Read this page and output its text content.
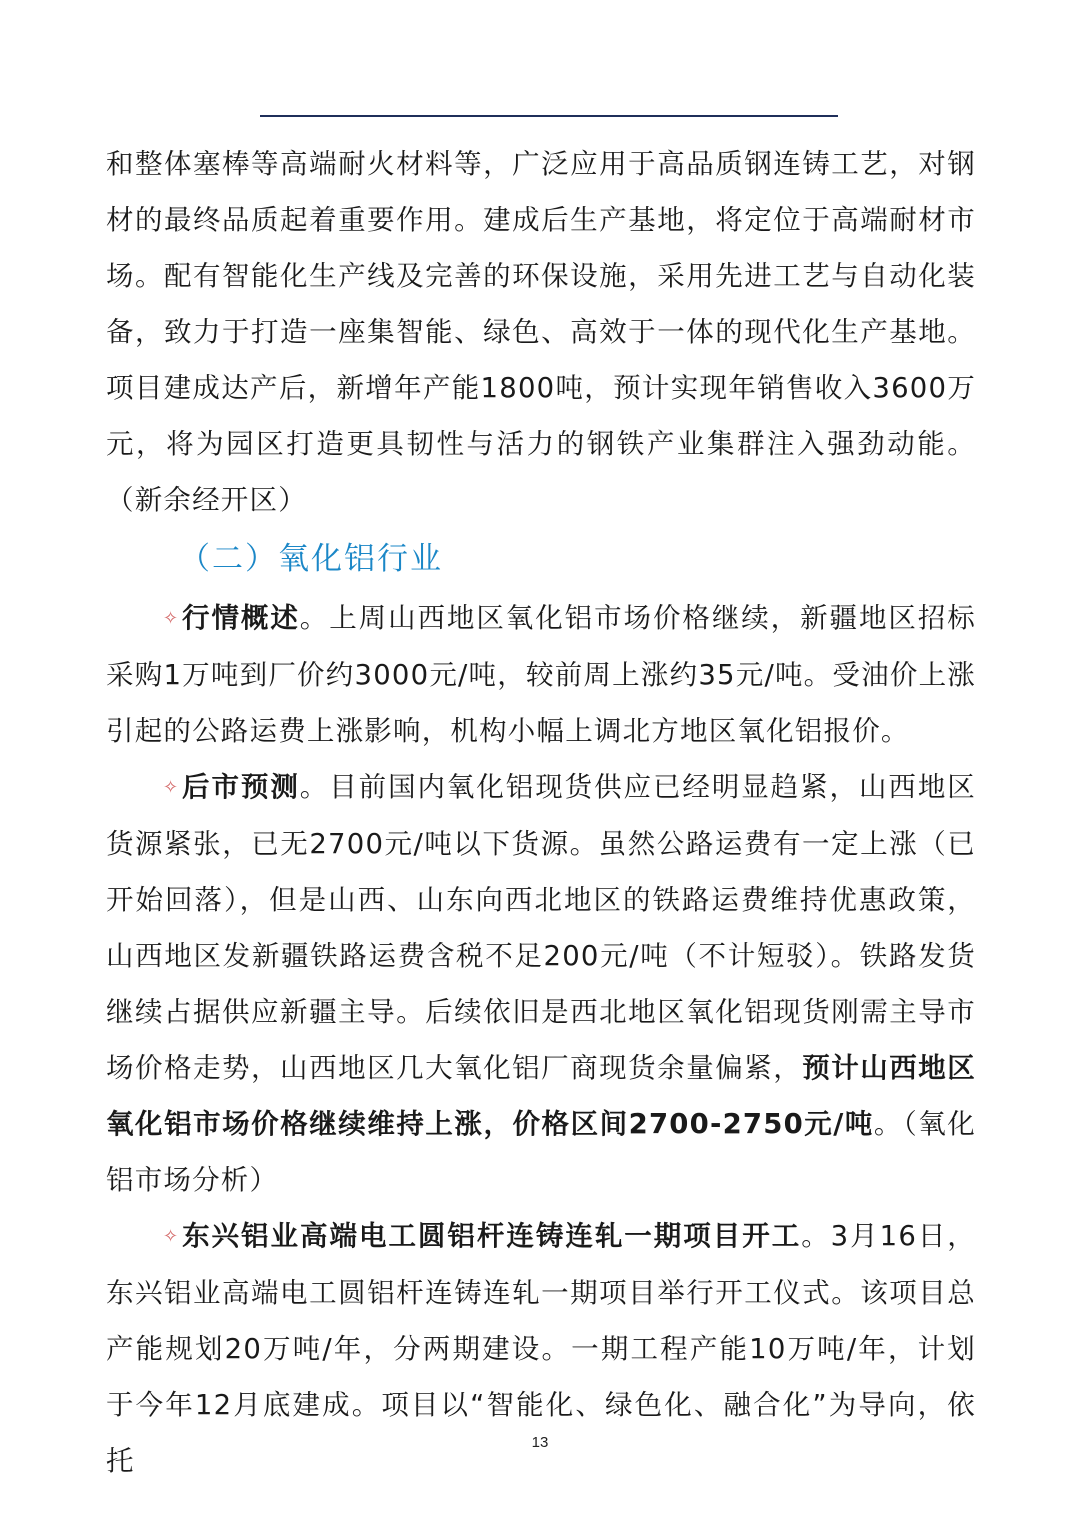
和整体塞棒等高端耐火材料等，广泛应用于高品质钢连铸工艺，对钢材的最终品质起着重要作用。建成后生产基地，将定位于高端耐材市场。配有智能化生产线及完善的环保设施，采用先进工艺与自动化装备，致力于打造一座集智能、绿色、高效于一体的现代化生产基地。项目建成达产后，新增年产能1800吨，预计实现年销售收入3600万元，将为园区打造更具韧性与活力的钢铁产业集群注入强劲动能。（新余经开区）

（二）氧化铝行业

✧行情概述。上周山西地区氧化铝市场价格继续，新疆地区招标采购1万吨到厂价约3000元/吨，较前周上涨约35元/吨。受油价上涨引起的公路运费上涨影响，机构小幅上调北方地区氧化铝报价。

✧后市预测。目前国内氧化铝现货供应已经明显趋紧，山西地区货源紧张，已无2700元/吨以下货源。虽然公路运费有一定上涨（已开始回落），但是山西、山东向西北地区的铁路运费维持优惠政策，山西地区发新疆铁路运费含税不足200元/吨（不计短驳）。铁路发货继续占据供应新疆主导。后续依旧是西北地区氧化铝现货刚需主导市场价格走势，山西地区几大氧化铝厂商现货余量偏紧，预计山西地区氧化铝市场价格继续维持上涨，价格区间2700-2750元/吨。（氧化铝市场分析）

✧东兴铝业高端电工圆铝杆连铸连轧一期项目开工。3月16日，东兴铝业高端电工圆铝杆连铸连轧一期项目举行开工仪式。该项目总产能规划20万吨/年，分两期建设。一期工程产能10万吨/年，计划于今年12月底建成。项目以“智能化、绿色化、融合化”为导向，依托

13
